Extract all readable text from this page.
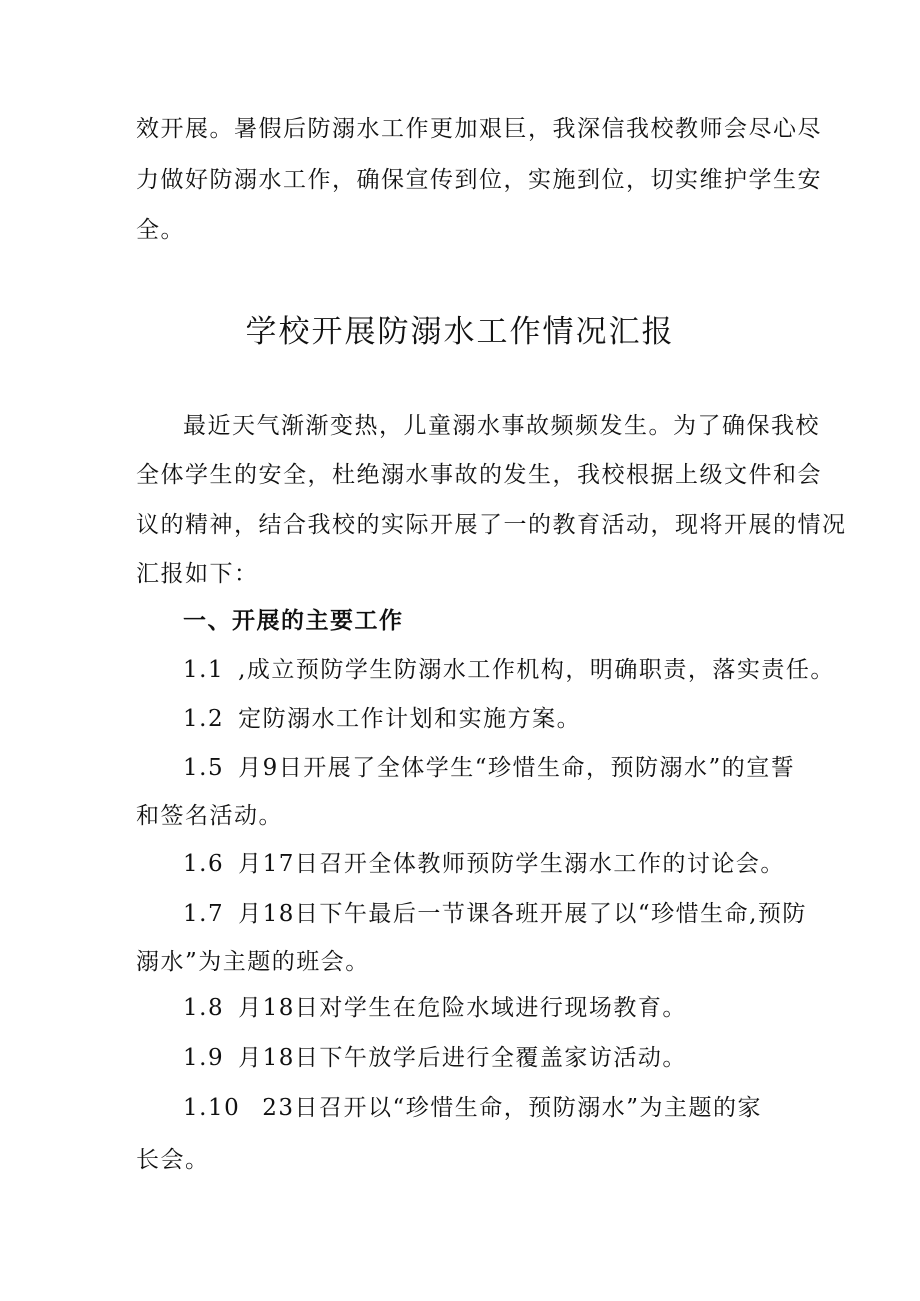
效开展。暑假后防溺水工作更加艰巨，我深信我校教师会尽心尽
力做好防溺水工作，确保宣传到位，实施到位，切实维护学生安
全。
学校开展防溺水工作情况汇报
最近天气渐渐变热，儿童溺水事故频频发生。为了确保我校
全体学生的安全，杜绝溺水事故的发生，我校根据上级文件和会
议的精神，结合我校的实际开展了一的教育活动，现将开展的情况
汇报如下：
一、开展的主要工作
1.1 ,成立预防学生防溺水工作机构，明确职责，落实责任。
1.2 定防溺水工作计划和实施方案。
1.5 月9日开展了全体学生“珍惜生命，预防溺水”的宣誓
和签名活动。
1.6 月17日召开全体教师预防学生溺水工作的讨论会。
1.7 月18日下午最后一节课各班开展了以“珍惜生命,预防
溺水”为主题的班会。
1.8 月18日对学生在危险水域进行现场教育。
1.9 月18日下午放学后进行全覆盖家访活动。
1.10 23日召开以“珍惜生命，预防溺水”为主题的家
长会。
